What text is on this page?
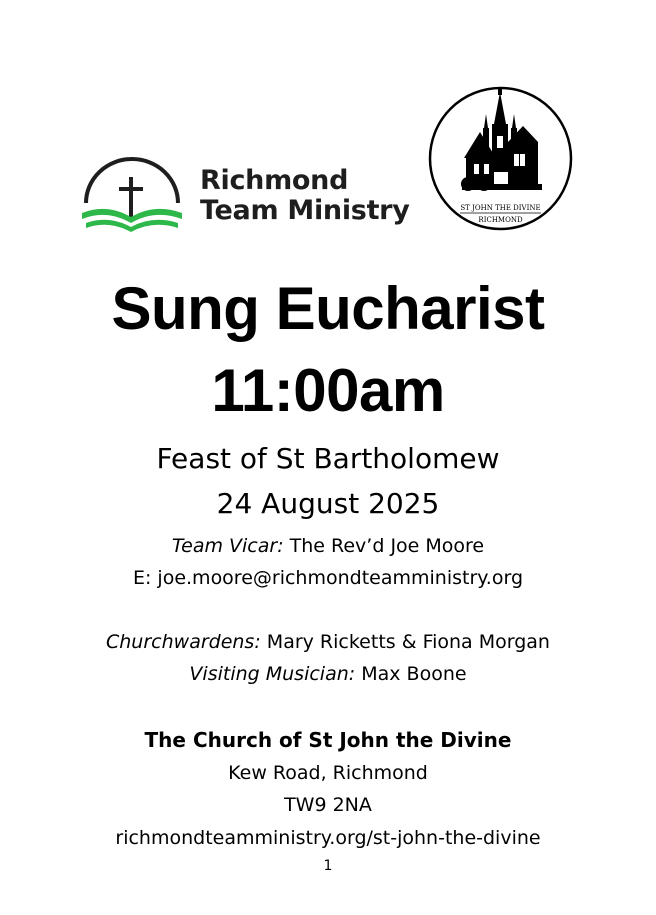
Richmond
Team Ministry	ST JOHN THE DIVINE
RICHMOND
Sung Eucharist
11:00am
Feast of St Bartholomew
24 August 2025
Team Vicar: The Rev’d Joe Moore
E: joe.moore@richmondteamministry.org
Churchwardens: Mary Ricketts & Fiona Morgan
Visiting Musician: Max Boone
The Church of St John the Divine
Kew Road, Richmond
TW9 2NA
richmondteamministry.org/st-john-the-divine
1
